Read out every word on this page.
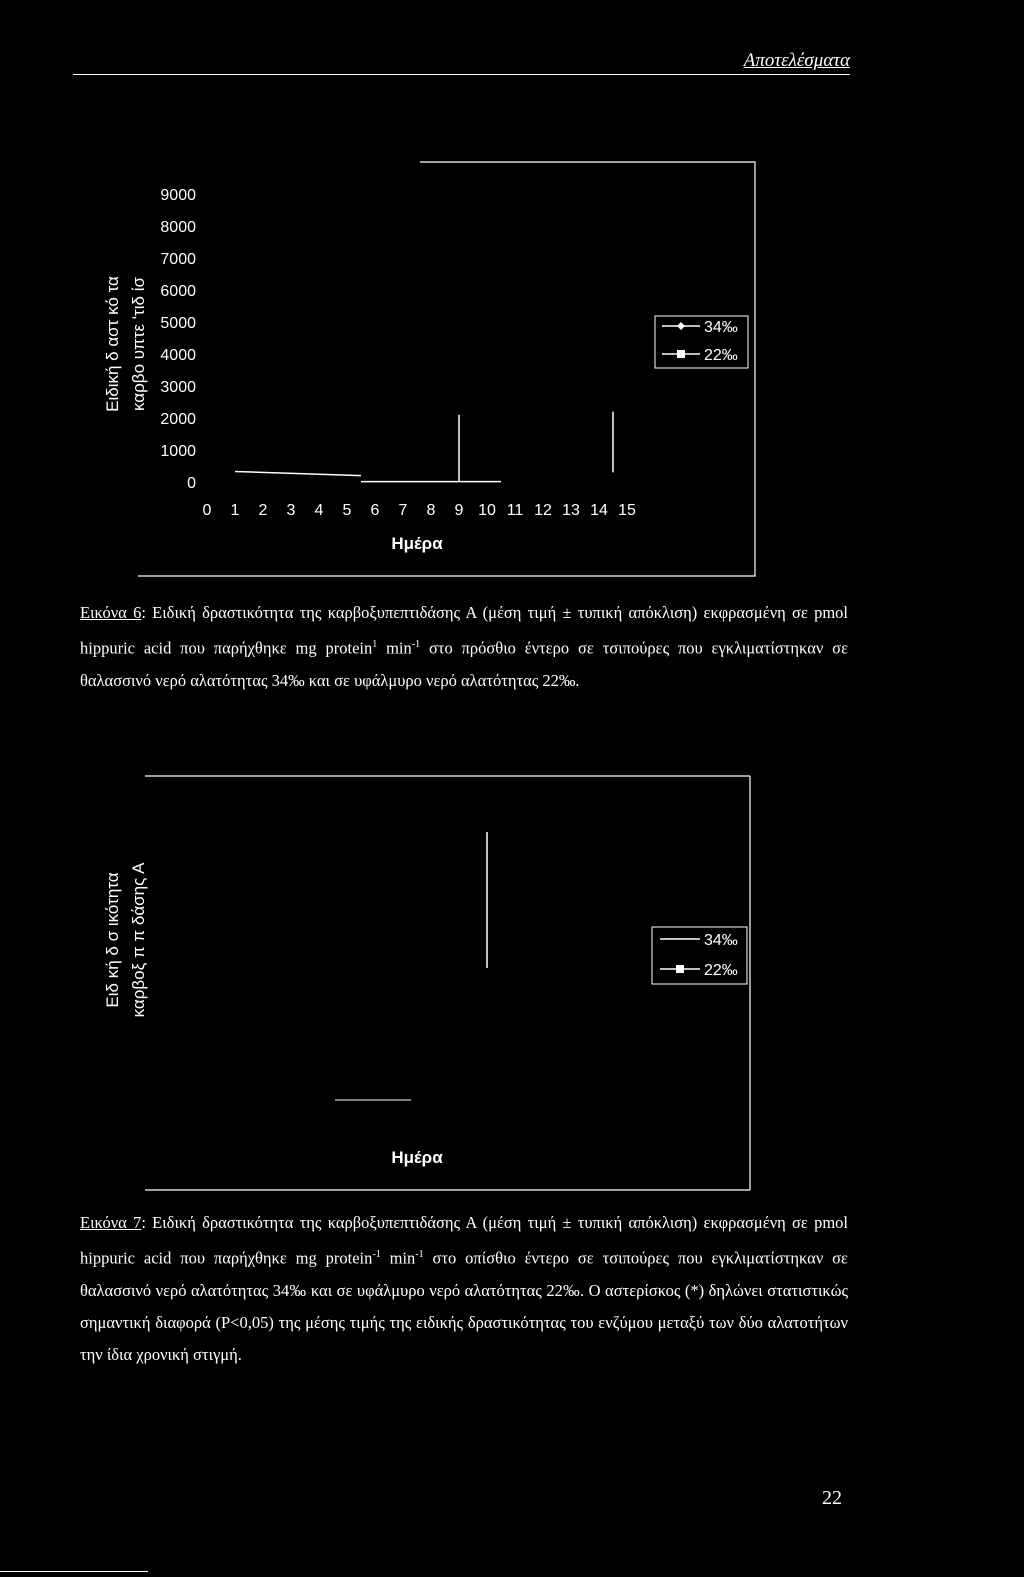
Αποτελέσματα
9000
8000
7000
6000
5000
4000
3000
2000
1000
0
0 1 2 3 4 5 6 7 8 9 10 11 12 13 14 15
Ημέρα
Ειδική δ αστ κό τα καρβο υπτε 'τιδ ίσ	34‰
22‰
Εικόνα 6: Ειδική δραστικότητα της καρβοξυπεπτιδάσης Α (μέση τιμή ± τυπική απόκλιση) εκφρασμένη σε pmol hippuric acid που παρήχθηκε mg protein$^1$ $\min^{-1} \sigma\tau o$ πρόσθιο έντερο σε τσιπούρες που εγκλιματίστηκαν σε θαλασσινό νερό αλατότητας 34‰ και σε υφάλμυρο νερό αλατότητας 22‰.
Ειδ κή δ σ ικότητα καρβοξ π π δάσης Α
Ημέρα
34‰
22‰
Εικόνα 7: Ειδική δραστικότητα της καρβοξυπεπτιδάσης Α (μέση τιμή ± τυπική απόκλιση) εκφρασμένη σε pmol hippuric acid που παρήχθηκε mg protein$^{-1}$ $\min^{-1} \sigma\tau o$ οπίσθιο έντερο σε τσιπούρες που εγκλιματίστηκαν σε θαλασσινό νερό αλατότητας 34‰ και σε υφάλμυρο νερό αλατότητας 22‰. Ο αστερίσκος (*) δηλώνει στατιστικώς σημαντική διαφορά (P<0,05) της μέσης τιμής της ειδικής δραστικότητας του ενζύμου μεταξύ των δύο αλατοτήτων την ίδια χρονική στιγμή.
22
